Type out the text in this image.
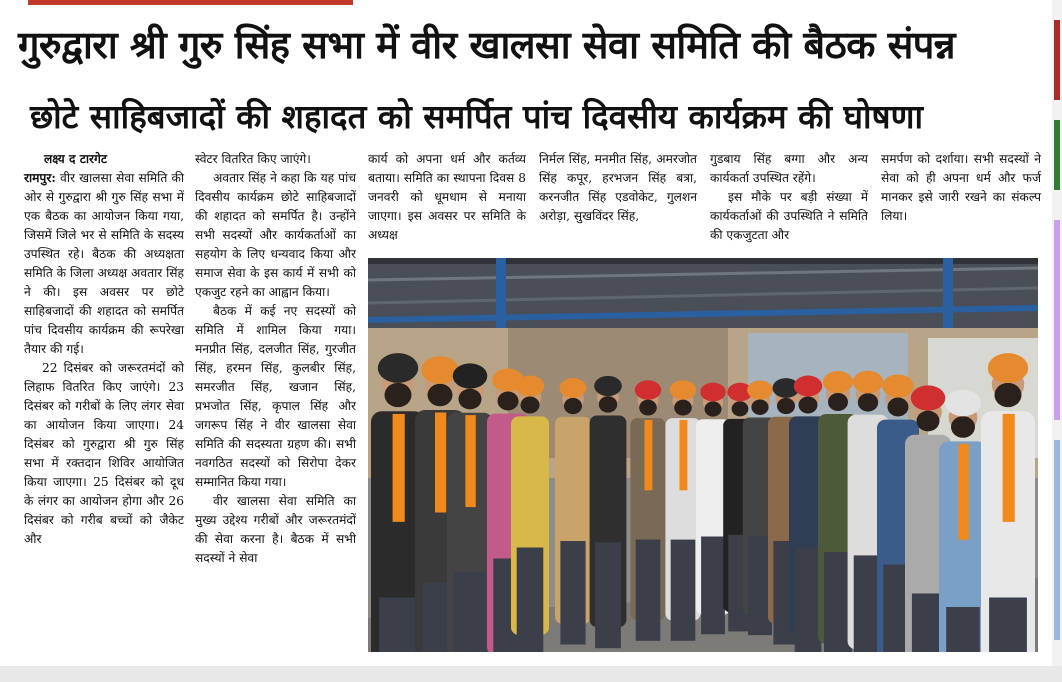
गुरुद्वारा श्री गुरु सिंह सभा में वीर खालसा सेवा समिति की बैठक संपन्न
छोटे साहिबजादों की शहादत को समर्पित पांच दिवसीय कार्यक्रम की घोषणा

लक्ष्य द टारगेट

रामपुर: वीर खालसा सेवा समिति की ओर से गुरुद्वारा श्री गुरु सिंह सभा में एक बैठक का आयोजन किया गया, जिसमें जिले भर से समिति के सदस्य उपस्थित रहे। बैठक की अध्यक्षता समिति के जिला अध्यक्ष अवतार सिंह ने की। इस अवसर पर छोटे साहिबजादों की शहादत को समर्पित पांच दिवसीय कार्यक्रम की रूपरेखा तैयार की गई।

22 दिसंबर को जरूरतमंदों को लिहाफ वितरित किए जाएंगे। 23 दिसंबर को गरीबों के लिए लंगर सेवा का आयोजन किया जाएगा। 24 दिसंबर को गुरुद्वारा श्री गुरु सिंह सभा में रक्तदान शिविर आयोजित किया जाएगा। 25 दिसंबर को दूध के लंगर का आयोजन होगा और 26 दिसंबर को गरीब बच्चों को जैकेट और

स्वेटर वितरित किए जाएंगे।

अवतार सिंह ने कहा कि यह पांच दिवसीय कार्यक्रम छोटे साहिबजादों की शहादत को समर्पित है। उन्होंने सभी सदस्यों और कार्यकर्ताओं का सहयोग के लिए धन्यवाद किया और समाज सेवा के इस कार्य में सभी को एकजुट रहने का आह्वान किया।

बैठक में कई नए सदस्यों को समिति में शामिल किया गया। मनप्रीत सिंह, दलजीत सिंह, गुरजीत सिंह, हरमन सिंह, कुलबीर सिंह, समरजीत सिंह, खजान सिंह, प्रभजोत सिंह, कृपाल सिंह और जगरूप सिंह ने वीर खालसा सेवा समिति की सदस्यता ग्रहण की। सभी नवगठित सदस्यों को सिरोपा देकर सम्मानित किया गया।

वीर खालसा सेवा समिति का मुख्य उद्देश्य गरीबों और जरूरतमंदों की सेवा करना है। बैठक में सभी सदस्यों ने सेवा

कार्य को अपना धर्म और कर्तव्य बताया। समिति का स्थापना दिवस 8 जनवरी को धूमधाम से मनाया जाएगा। इस अवसर पर समिति के अध्यक्ष

निर्मल सिंह, मनमीत सिंह, अमरजोत सिंह कपूर, हरभजन सिंह बत्रा, करनजीत सिंह एडवोकेट, गुलशन अरोड़ा, सुखविंदर सिंह,

गुडबाय सिंह बग्गा और अन्य कार्यकर्ता उपस्थित रहेंगे।

इस मौके पर बड़ी संख्या में कार्यकर्ताओं की उपस्थिति ने समिति की एकजुटता और

समर्पण को दर्शाया। सभी सदस्यों ने सेवा को ही अपना धर्म और फर्ज मानकर इसे जारी रखने का संकल्प लिया।
